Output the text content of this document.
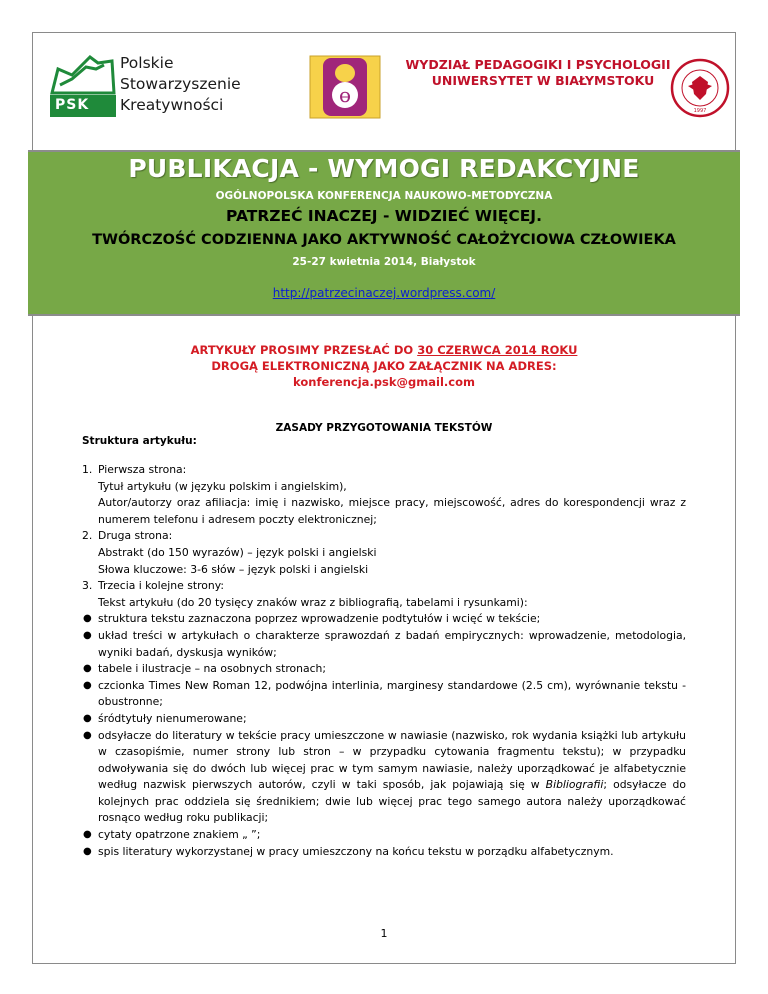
PSK
Polskie
Stowarzyszenie
Kreatywności	ɵ
WYDZIAŁ PEDAGOGIKI I PSYCHOLOGII
UNIWERSYTET W BIAŁYMSTOKU
1997
PUBLIKACJA - WYMOGI REDAKCYJNE
OGÓLNOPOLSKA KONFERENCJA NAUKOWO-METODYCZNA
PATRZEĆ INACZEJ - WIDZIEĆ WIĘCEJ.
TWÓRCZOŚĆ CODZIENNA JAKO AKTYWNOŚĆ CAŁOŻYCIOWA CZŁOWIEKA
25-27 kwietnia 2014, Białystok
http://patrzecinaczej.wordpress.com/
ARTYKUŁY PROSIMY PRZESŁAĆ DO 30 CZERWCA 2014 ROKU
DROGĄ ELEKTRONICZNĄ JAKO ZAŁĄCZNIK NA ADRES:
konferencja.psk@gmail.com
ZASADY PRZYGOTOWANIA TEKSTÓW
Struktura artykułu:
1. Pierwsza strona:
Tytuł artykułu (w języku polskim i angielskim),
Autor/autorzy oraz afiliacja: imię i nazwisko, miejsce pracy, miejscowość, adres do korespondencji wraz z numerem telefonu i adresem poczty elektronicznej;
2. Druga strona:
Abstrakt (do 150 wyrazów) – język polski i angielski
Słowa kluczowe: 3-6 słów – język polski i angielski
3. Trzecia i kolejne strony:
Tekst artykułu (do 20 tysięcy znaków wraz z bibliografią, tabelami i rysunkami):
● struktura tekstu zaznaczona poprzez wprowadzenie podtytułów i wcięć w tekście;
● układ treści w artykułach o charakterze sprawozdań z badań empirycznych: wprowadzenie, metodologia, wyniki badań, dyskusja wyników;
● tabele i ilustracje – na osobnych stronach;
● czcionka Times New Roman 12, podwójna interlinia, marginesy standardowe (2.5 cm), wyrównanie tekstu - obustronne;
● śródtytuły nienumerowane;
● odsyłacze do literatury w tekście pracy umieszczone w nawiasie (nazwisko, rok wydania książki lub artykułu w czasopiśmie, numer strony lub stron – w przypadku cytowania fragmentu tekstu); w przypadku odwoływania się do dwóch lub więcej prac w tym samym nawiasie, należy uporządkować je alfabetycznie według nazwisk pierwszych autorów, czyli w taki sposób, jak pojawiają się w Bibliografii; odsyłacze do kolejnych prac oddziela się średnikiem; dwie lub więcej prac tego samego autora należy uporządkować rosnąco według roku publikacji;
● cytaty opatrzone znakiem „ ”;
● spis literatury wykorzystanej w pracy umieszczony na końcu tekstu w porządku alfabetycznym.
1
